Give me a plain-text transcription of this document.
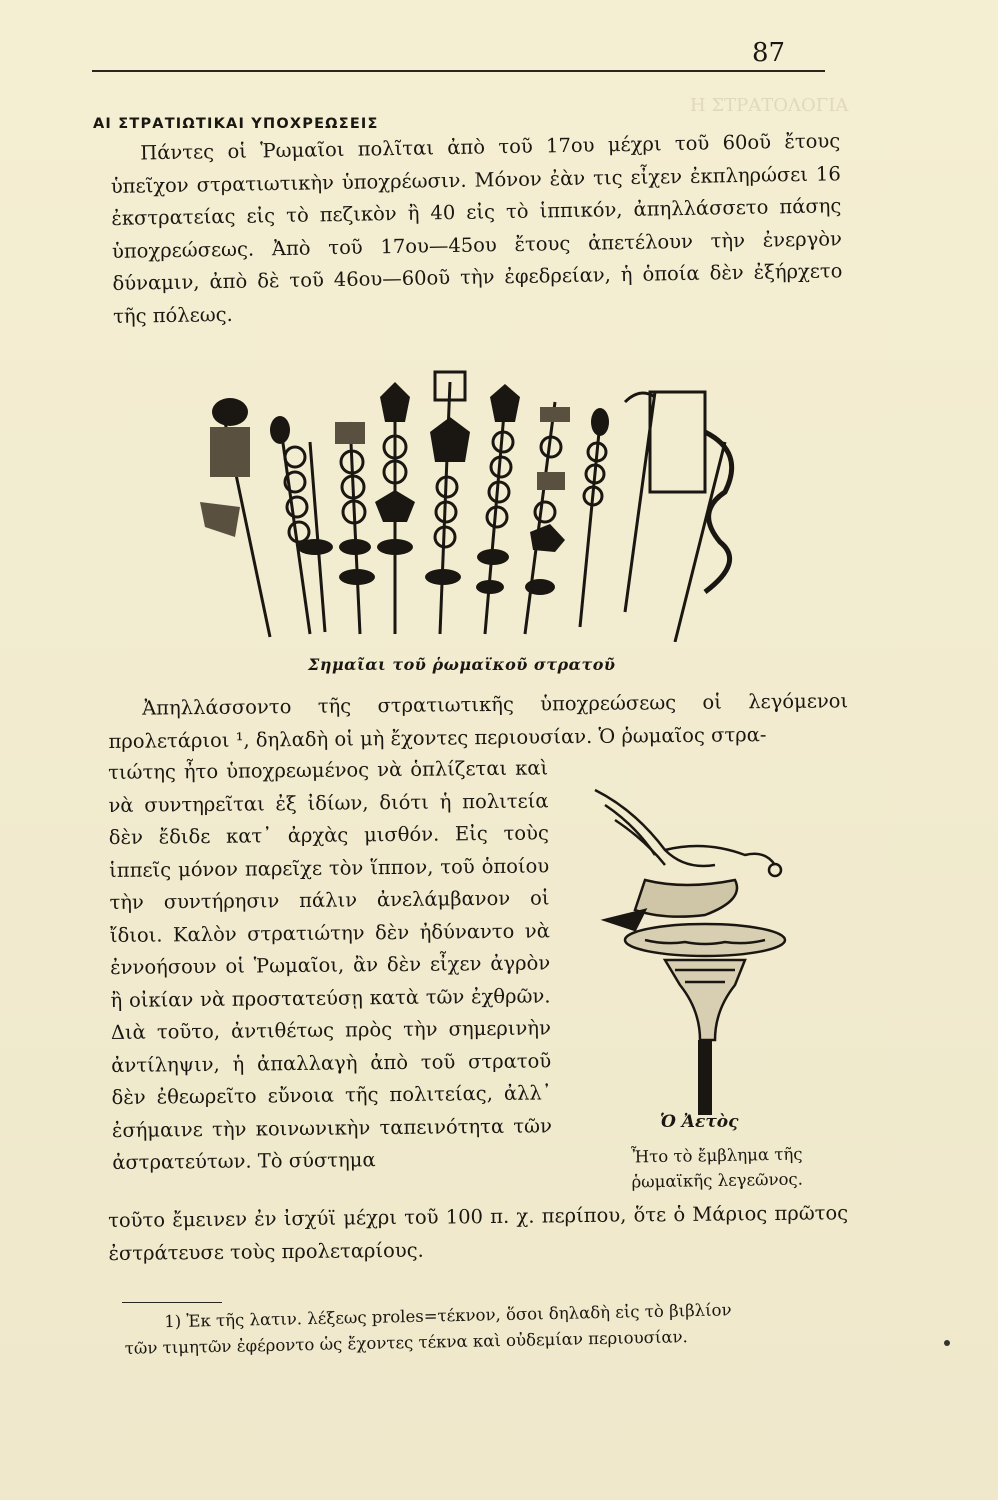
Η ΣΤΡΑΤΟΛΟΓΙΑ
87
ΑΙ ΣΤΡΑΤΙΩΤΙΚΑΙ ΥΠΟΧΡΕΩΣΕΙΣ

Πάντες οἱ Ῥωμαῖοι πολῖται ἀπὸ τοῦ 17ου μέχρι τοῦ 60οῦ ἔτους ὑπεῖχον στρατιωτικὴν ὑποχρέωσιν. Μόνον ἐὰν τις εἶχεν ἐκπληρώσει 16 ἐκστρατείας εἰς τὸ πεζικὸν ἢ 40 εἰς τὸ ἱππικόν, ἀπηλλάσσετο πάσης ὑποχρεώσεως. Ἀπὸ τοῦ 17ου—45ου ἔτους ἀπετέλουν τὴν ἐνεργὸν δύναμιν, ἀπὸ δὲ τοῦ 46ου—60οῦ τὴν ἐφεδρείαν, ἡ ὁποία δὲν ἐξήρχετο τῆς πόλεως.

Σημαῖαι τοῦ ῥωμαϊκοῦ στρατοῦ

Ἀπηλλάσσοντο τῆς στρατιωτικῆς ὑποχρεώσεως οἱ λεγόμενοι προλετάριοι ¹, δηλαδὴ οἱ μὴ ἔχοντες περιουσίαν. Ὁ ῥωμαῖος στρα-

τιώτης ἦτο ὑποχρεωμένος νὰ ὁπλίζεται καὶ νὰ συντηρεῖται ἐξ ἰδίων, διότι ἡ πολιτεία δὲν ἔδιδε κατ᾿ ἀρχὰς μισθόν. Εἰς τοὺς ἱππεῖς μόνον παρεῖχε τὸν ἵππον, τοῦ ὁποίου τὴν συντήρησιν πάλιν ἀνελάμβανον οἱ ἴδιοι. Καλὸν στρατιώτην δὲν ἠδύναντο νὰ ἐννοήσουν οἱ Ῥωμαῖοι, ἂν δὲν εἶχεν ἀγρὸν ἢ οἰκίαν νὰ προστατεύσῃ κατὰ τῶν ἐχθρῶν. Διὰ τοῦτο, ἀντιθέτως πρὸς τὴν σημερινὴν ἀντίληψιν, ἡ ἀπαλλαγὴ ἀπὸ τοῦ στρατοῦ δὲν ἐθεωρεῖτο εὔνοια τῆς πολιτείας, ἀλλ᾿ ἐσήμαινε τὴν κοινωνικὴν ταπεινότητα τῶν ἀστρατεύτων. Τὸ σύστημα

Ὁ Ἀετὸς
Ἦτο τὸ ἔμβλημα τῆς
ῥωμαϊκῆς λεγεῶνος.

τοῦτο ἔμεινεν ἐν ἰσχύϊ μέχρι τοῦ 100 π. χ. περίπου, ὅτε ὁ Μάριος πρῶτος ἐστράτευσε τοὺς προλεταρίους.

1) Ἐκ τῆς λατιν. λέξεως proles=τέκνον, ὅσοι δηλαδὴ εἰς τὸ βιβλίον

τῶν τιμητῶν ἐφέροντο ὡς ἔχοντες τέκνα καὶ οὐδεμίαν περιουσίαν.
